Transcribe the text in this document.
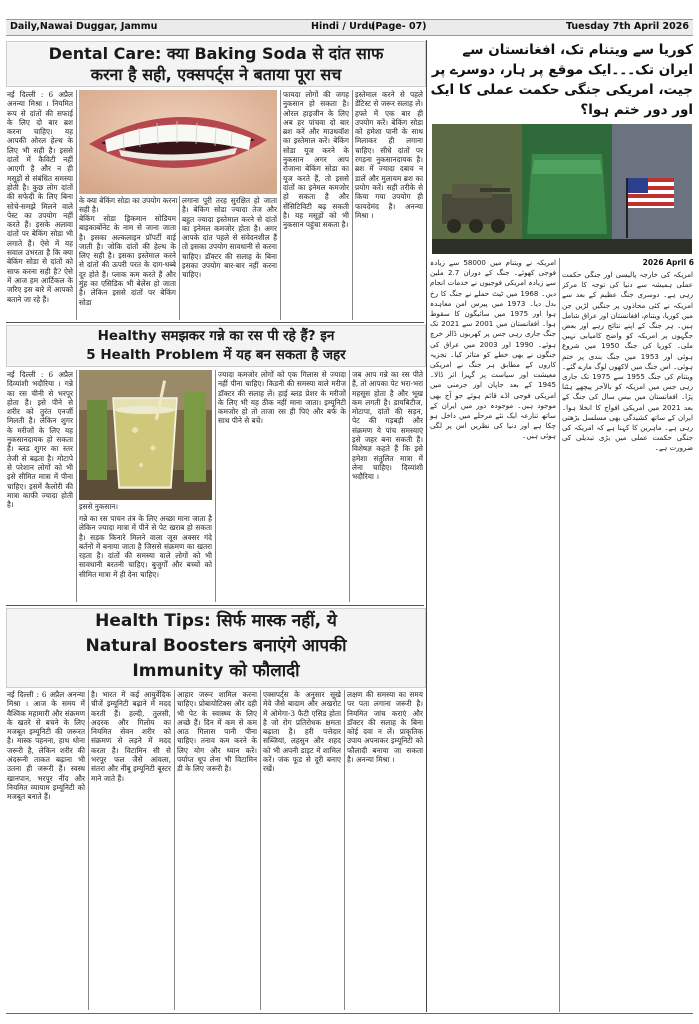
Daily,Nawai Duggar, Jammu	Hindi / Urdu
(Page- 07)	Tuesday 7th April 2026
Dental Care: क्या Baking Soda से दांत साफ
करना है सही, एक्सपर्ट्स ने बताया पूरा सच
नई दिल्ली : 6 अप्रैल अनन्या मिश्रा । नियमित रूप से दांतों की सफाई के लिए दो बार ब्रश करना चाहिए। यह आपकी ओरल हेल्थ के लिए भी सही है। इससे दांतों में कैविटी नहीं आएगी है और न ही मसूड़ों से संबंधित समस्या होती है। कुछ लोग दांतों की सफेदी के लिए बिना सोचे-समझे मिलने वाले पेस्ट का उपयोग नहीं करते हैं। इसके अलावा दांतों पर बेकिंग सोडा भी लगाते हैं। ऐसे में यह सवाल उभरता है कि क्या बेकिंग सोडा से दांतों को साफ करना सही है? ऐसे में आज हम आर्टिकल के जरिए इस बारे में आपको बताने जा रहे हैं।
के क्या बेकिंग सोडा का उपयोग करना सही है।
बेकिंग सोडा ड्रिकमान सोडियम बाइकार्बोनेट के नाम से जाना जाता है। इसका अल्कलाइन प्रॉपर्टी वाई जाती है। जोकि दांतों की हेल्थ के लिए सही है। इसका इस्तेमाल करने से दांतों की ऊपरी परत के दाग-धब्बे दूर होते हैं। प्लाक कम करते हैं और मुंह का एसिडिक भी बेलेंस हो जाता है। लेकिन इससे दांतों पर बेकिंग सोडा
लगाना पूरी तरह सुरक्षित हो जाता है। बेकिंग सोडा ज्यादा तेज और बहुत ज्यादा इस्तेमाल करने से दांतों का इनेमल कमजोर होता है। अगर आपके दांत पहले से संवेदनशील हैं तो इसका उपयोग सावधानी से करना चाहिए। डॉक्टर की सलाह के बिना इसका उपयोग बार-बार नहीं करना चाहिए।
फायदा लोगों की जगह नुकसान हो सकता है। ओरल हाइजीन के लिए अब हर पांचवा दो बार ब्रश करें और माउथवॉश का इस्तेमाल करें। बेकिंग सोडा यूज करने के नुकसान अगर आप रोजाना बेकिंग सोडा का यूज करते हैं, तो इससे दांतों का इनेमल कमजोर हो सकता है और सेंसिटिविटी बढ़ सकती है। यह मसूड़ों को भी नुकसान पहुंचा सकता है।
इस्तेमाल करने से पहले डेंटिस्ट से जरूर सलाह लें। हफ्ते में एक बार ही उपयोग करें। बेकिंग सोडा को हमेशा पानी के साथ मिलाकर ही लगाना चाहिए। सीधे दांतों पर रगड़ना नुकसानदायक है। ब्रश में ज्यादा दबाव न डालें और मुलायम ब्रश का प्रयोग करें। सही तरीके से किया गया उपयोग ही फायदेमंद है। अनन्या मिश्रा ।
Healthy समझकर गन्ने का रस पी रहे हैं? इन
5 Health Problem में यह बन सकता है जहर
नई दिल्ली : 6 अप्रैल दिव्यांशी भदौरिया । गन्ने का रस चीनी से भरपूर होता है। इसे पीने से शरीर को तुरंत एनर्जी मिलती है। लेकिन शुगर के मरीजों के लिए यह नुकसानदायक हो सकता है। ब्लड शुगर का स्तर तेजी से बढ़ता है। मोटापे से परेशान लोगों को भी इसे सीमित मात्रा में पीना चाहिए। इसमें कैलोरी की मात्रा काफी ज्यादा होती है।	इससे नुकसान।
गन्ने का रस पाचन तंत्र के लिए अच्छा माना जाता है लेकिन ज्यादा मात्रा में पीने से पेट खराब हो सकता है। सड़क किनारे मिलने वाला जूस अक्सर गंदे बर्तनों में बनाया जाता है जिससे संक्रमण का खतरा रहता है। दांतों की समस्या वाले लोगों को भी सावधानी बरतनी चाहिए। बुजुर्गों और बच्चों को सीमित मात्रा में ही देना चाहिए।
ज्यादा कमजोर लोगों को एक गिलास से ज्यादा नहीं पीना चाहिए। किडनी की समस्या वाले मरीज डॉक्टर की सलाह लें। हाई ब्लड प्रेशर के मरीजों के लिए भी यह ठीक नहीं माना जाता। इम्यूनिटी कमजोर हो तो ताजा रस ही पिएं और बर्फ के साथ पीने से बचें।
जब आप गन्ने का रस पीते हैं, तो आपका पेट भरा-भरा महसूस होता है और भूख कम लगती है। डायबिटीज, मोटापा, दांतों की सड़न, पेट की गड़बड़ी और संक्रमण ये पांच समस्याएं इसे जहर बना सकती हैं। विशेषज्ञ कहते हैं कि इसे हमेशा संतुलित मात्रा में लेना चाहिए। दिव्यांशी भदौरिया ।
Health Tips: सिर्फ मास्क नहीं, ये
Natural Boosters बनाएंगे आपकी
Immunity को फौलादी
नई दिल्ली : 6 अप्रैल अनन्या मिश्रा । आज के समय में वैश्विक महामारी और संक्रमण के खतरे से बचने के लिए मजबूत इम्यूनिटी की जरूरत है। मास्क पहनना, हाथ धोना जरूरी है, लेकिन शरीर की अंदरूनी ताकत बढ़ाना भी उतना ही जरूरी है। स्वस्थ खानपान, भरपूर नींद और नियमित व्यायाम इम्यूनिटी को मजबूत बनाते हैं।
है। भारत में कई आयुर्वेदिक चीजें इम्यूनिटी बढ़ाने में मदद करती हैं। हल्दी, तुलसी, अदरक और गिलोय का नियमित सेवन शरीर को संक्रमण से लड़ने में मदद करता है। विटामिन सी से भरपूर फल जैसे आंवला, संतरा और नींबू इम्यूनिटी बूस्टर माने जाते हैं।
आहार जरूर शामिल करना चाहिए। प्रोबायोटिक्स और दही भी पेट के स्वास्थ्य के लिए अच्छे हैं। दिन में कम से कम आठ गिलास पानी पीना चाहिए। तनाव कम करने के लिए योग और ध्यान करें। पर्याप्त धूप लेना भी विटामिन डी के लिए जरूरी है।
एक्सपर्ट्स के अनुसार सूखे मेवे जैसे बादाम और अखरोट में ओमेगा-3 फैटी एसिड होता है जो रोग प्रतिरोधक क्षमता बढ़ाता है। हरी पत्तेदार सब्जियां, लहसुन और शहद को भी अपनी डाइट में शामिल करें। जंक फूड से दूरी बनाए रखें।
लक्षण की समस्या का समय पर पता लगाना जरूरी है। नियमित जांच कराएं और डॉक्टर की सलाह के बिना कोई दवा न लें। प्राकृतिक उपाय अपनाकर इम्यूनिटी को फौलादी बनाया जा सकता है। अनन्या मिश्रा ।
کوریا سے ویتنام تک، افغانستان سے ایران تک۔۔۔ایک موقع پر ہار، دوسرے پر جیت، امریکی جنگی حکمت عملی کا ایک اور دور ختم ہوا؟
2026 April 6
امریکہ کی خارجہ پالیسی اور جنگی حکمت عملی ہمیشہ سے دنیا کی توجہ کا مرکز رہی ہے۔ دوسری جنگ عظیم کے بعد سے امریکہ نے کئی محاذوں پر جنگیں لڑیں جن میں کوریا، ویتنام، افغانستان اور عراق شامل ہیں۔ ہر جنگ کے اپنے نتائج رہے اور بعض جگہوں پر امریکہ کو واضح کامیابی نہیں ملی۔ کوریا کی جنگ 1950 میں شروع ہوئی اور 1953 میں جنگ بندی پر ختم ہوئی۔ اس جنگ میں لاکھوں لوگ مارے گئے۔ ویتنام کی جنگ 1955 سے 1975 تک جاری رہی جس میں امریکہ کو بالآخر پیچھے ہٹنا پڑا۔ افغانستان میں بیس سال کی جنگ کے بعد 2021 میں امریکی افواج کا انخلا ہوا۔ ایران کے ساتھ کشیدگی بھی مسلسل بڑھتی رہی ہے۔ ماہرین کا کہنا ہے کہ امریکہ کی جنگی حکمت عملی میں بڑی تبدیلی کی ضرورت ہے۔
امریکہ نے ویتنام میں 58000 سے زیادہ فوجی کھوئے۔ جنگ کے دوران 2.7 ملین سے زیادہ امریکی فوجیوں نے خدمات انجام دیں۔ 1968 میں ٹیٹ حملے نے جنگ کا رخ بدل دیا۔ 1973 میں پیرس امن معاہدہ ہوا اور 1975 میں سائیگون کا سقوط ہوا۔ افغانستان میں 2001 سے 2021 تک جنگ جاری رہی جس پر کھربوں ڈالر خرچ ہوئے۔ 1990 اور 2003 میں عراق کی جنگوں نے بھی خطے کو متاثر کیا۔ تجزیہ کاروں کے مطابق ہر جنگ نے امریکی معیشت اور سیاست پر گہرا اثر ڈالا۔ 1945 کے بعد جاپان اور جرمنی میں امریکی فوجی اڈے قائم ہوئے جو آج بھی موجود ہیں۔ موجودہ دور میں ایران کے ساتھ تنازعہ ایک نئے مرحلے میں داخل ہو چکا ہے اور دنیا کی نظریں اس پر لگی ہوئی ہیں۔
